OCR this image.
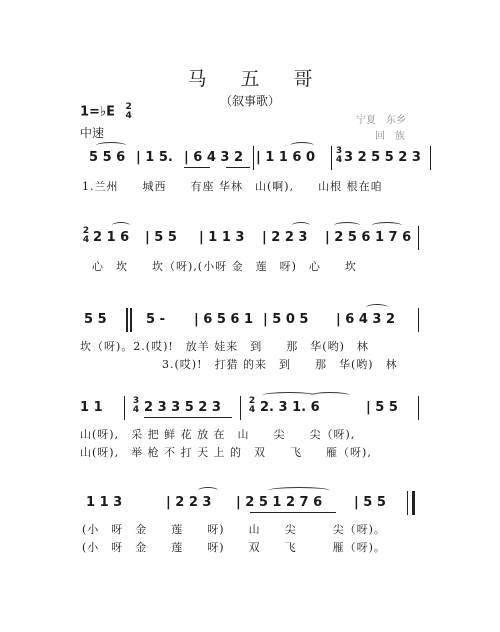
马 五 哥
（叙事歌）
1=♭E 2
4
中速
宁夏　东乡
回　族
5 5 6 | 1 5. | 6 4 3 2 | 1 1 6 0 3
4 3 2 5 5 2 3
1.兰州　　城西　　有座 华林　山(啊),　　山根 根在咱
2
4 2 1 6 | 5 5 | 1 1 3 | 2 2 3 | 2 5 6 1 7 6
心　坎　　坎（呀),(小呀 金　莲　呀)　心　　坎
5 5	5 - | 6 5 6 1 | 5 0 5 | 6 4 3 2
坎（呀)。2.(哎)!　放羊 娃来　到　　那　华(哟)　林
3.(哎)!　打猎 的来　到　　那　华(哟)　林
1 1	3
4 2 3 3 5 2 3	2
4 2. 3 1. 6	| 5 5
山(呀),　采 把 鲜 花 放 在　山　　尖　　尖（呀),
山(呀),　举 枪 不 打 天 上 的　双　　飞　　雁（呀),
1 1 3	| 2 2 3 | 2 5 1 2 7 6 | 5 5
(小　呀　金　　莲　　呀)　　山　　尖　　　尖（呀)。
(小　呀　金　　莲　　呀)　　双　　飞　　　雁（呀)。
